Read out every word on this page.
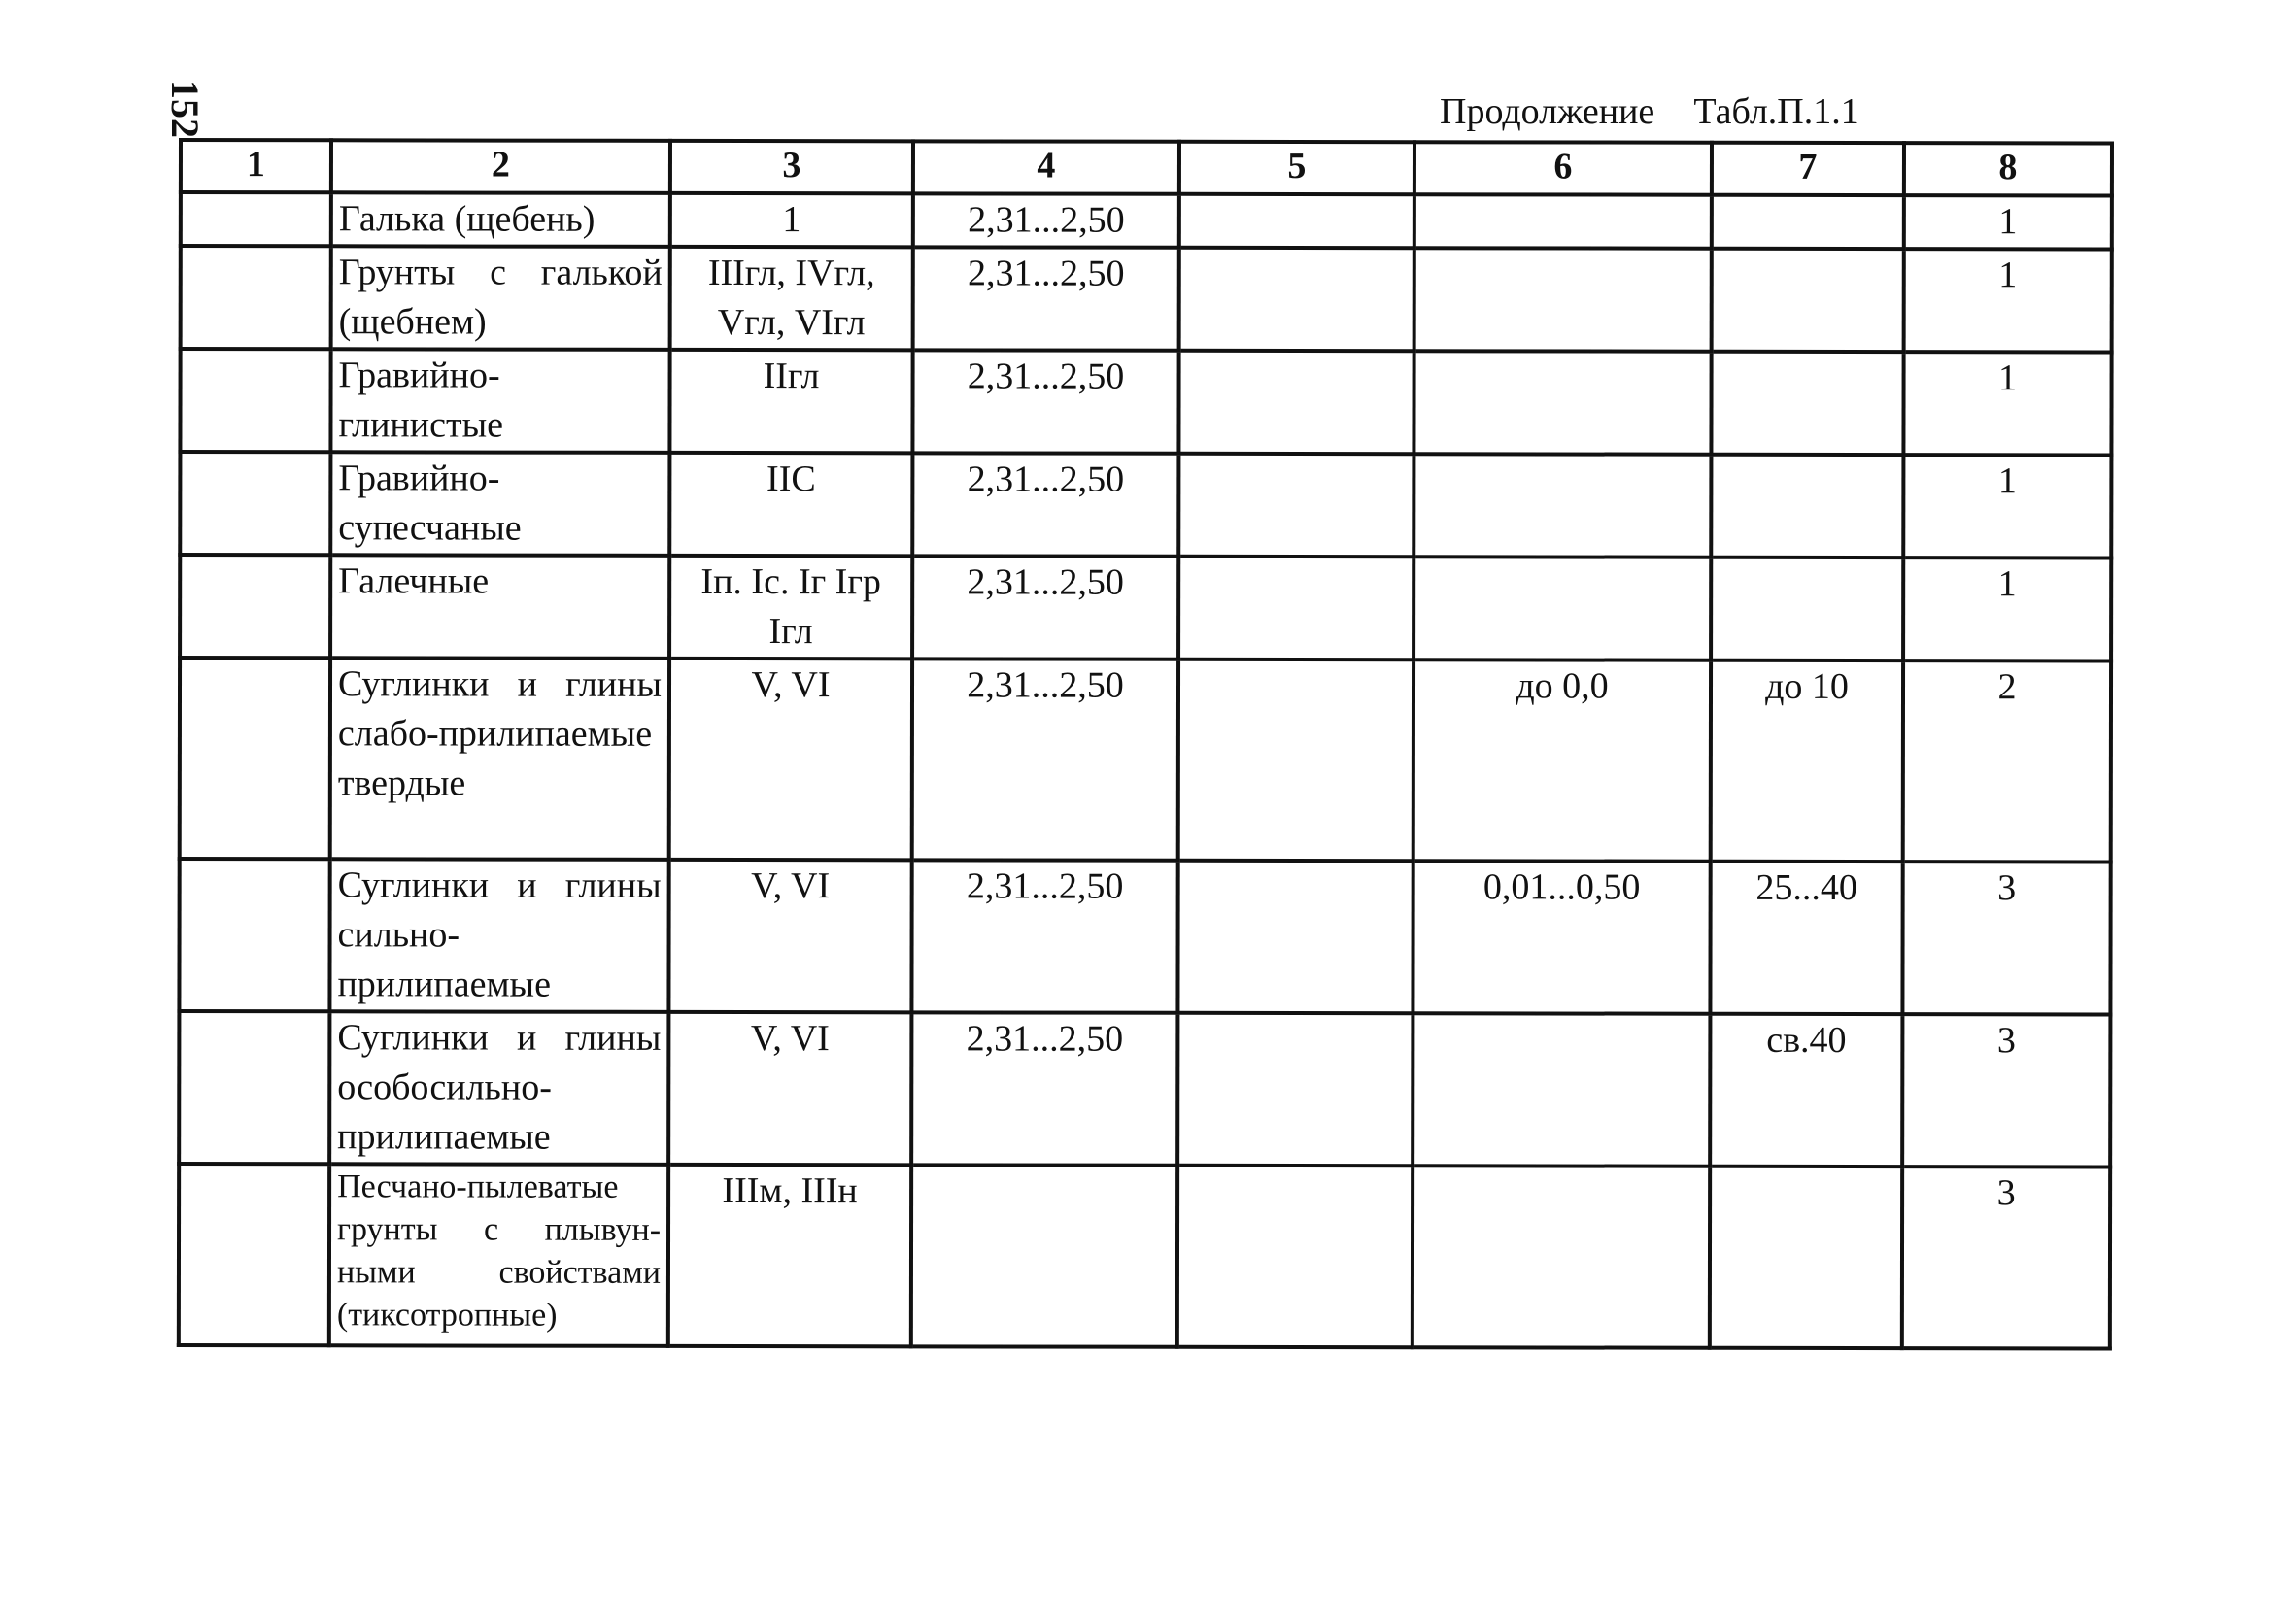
152	Продолжение Табл.П.1.1
1	2	3	4	5	6	7	8
	Галька (щебень)	1	2,31...2,50				1
	Грунты с галькой (щебнем)	IIIгл, IVгл, Vгл, VIгл	2,31...2,50				1
	Гравийно-глинистые	IIгл	2,31...2,50				1
	Гравийно-супесчаные	IIC	2,31...2,50				1
	Галечные	Iп. Ic. Iг Iгр Iгл	2,31...2,50				1
	Суглинки и глины слабо-прилипаемые твердые	V, VI	2,31...2,50		до 0,0	до 10	2
	Суглинки и глины сильно-прилипаемые	V, VI	2,31...2,50		0,01...0,50	25...40	3
	Суглинки и глины особосильно-прилипаемые	V, VI	2,31...2,50			св.40	3
	Песчано-пылеватые грунты с плывун-ными свойствами (тиксотропные)	IIIм, IIIн					3
